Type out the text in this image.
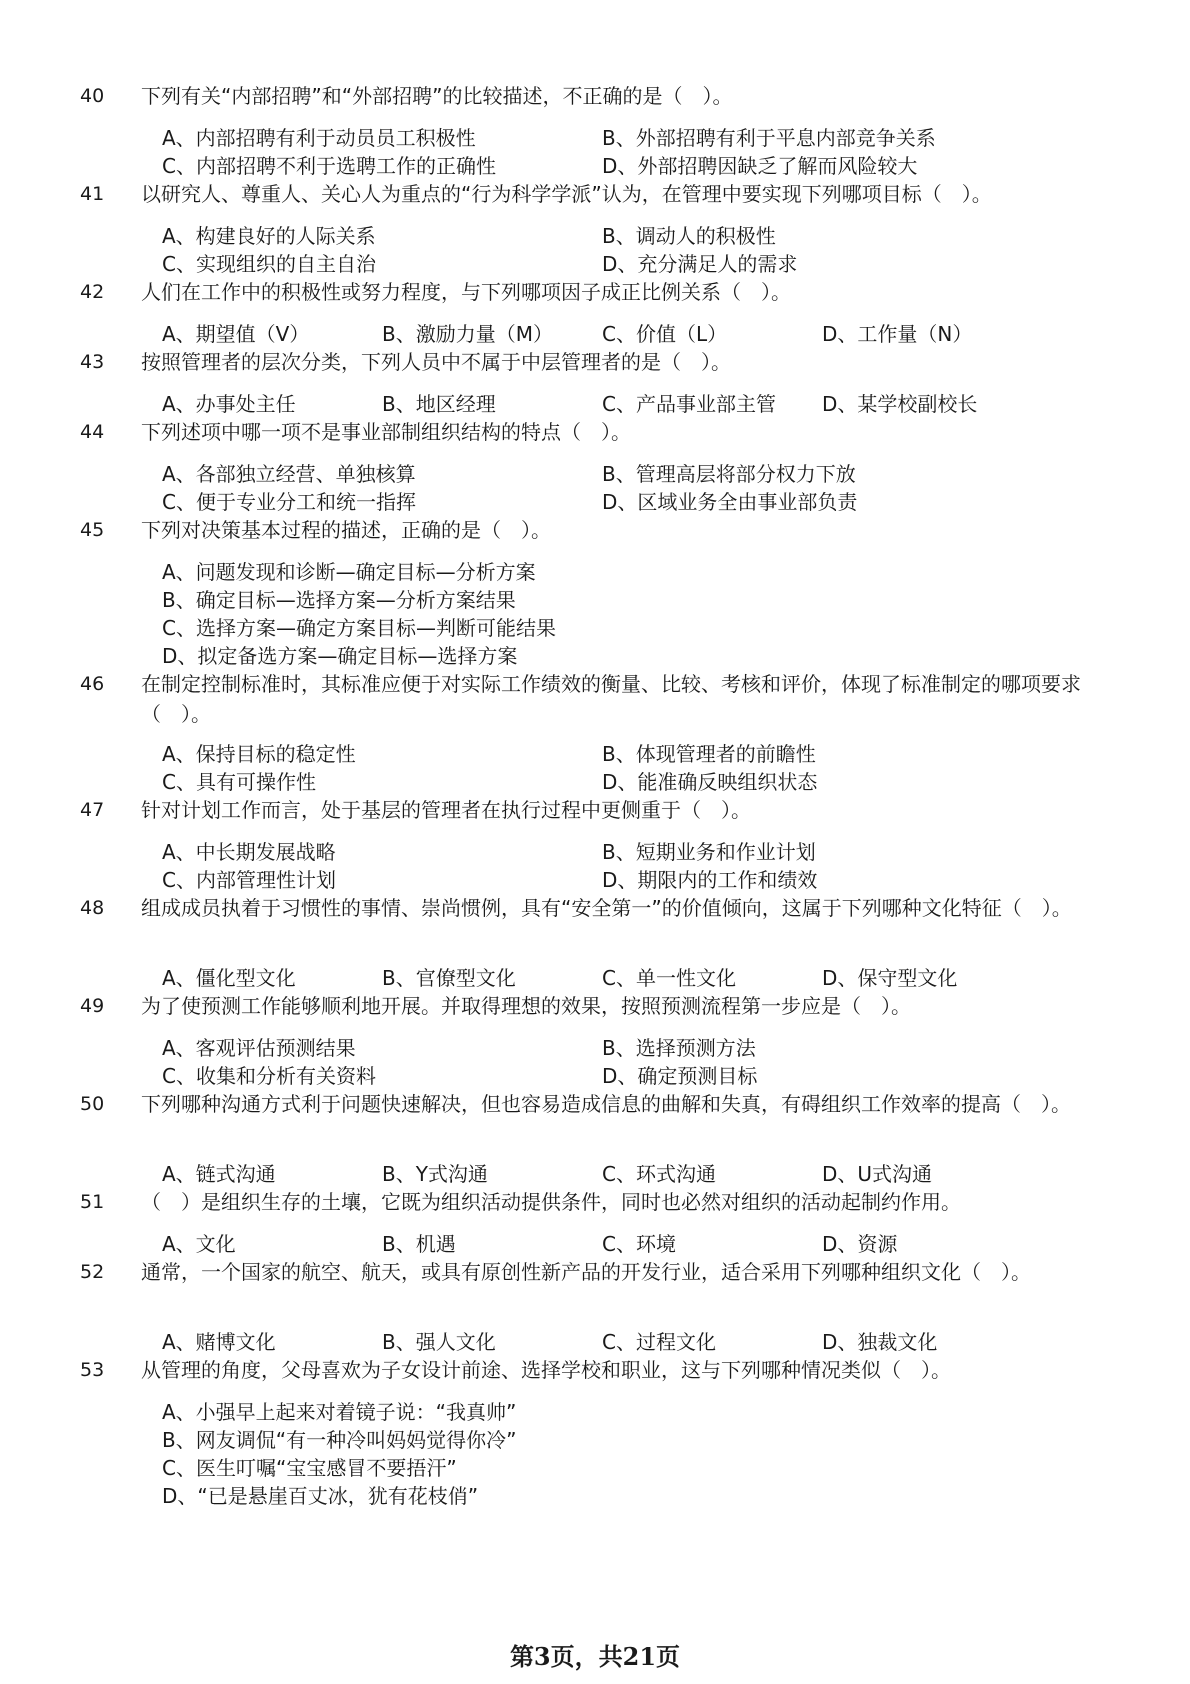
40 下列有关“内部招聘”和“外部招聘”的比较描述，不正确的是（　）。
A、内部招聘有利于动员员工积极性	B、外部招聘有利于平息内部竞争关系
C、内部招聘不利于选聘工作的正确性	D、外部招聘因缺乏了解而风险较大
41 以研究人、尊重人、关心人为重点的“行为科学学派”认为，在管理中要实现下列哪项目标（　）。
A、构建良好的人际关系	B、调动人的积极性
C、实现组织的自主自治	D、充分满足人的需求
42 人们在工作中的积极性或努力程度，与下列哪项因子成正比例关系（　）。
A、期望值（V）	B、激励力量（M） C、价值（L）	D、工作量（N）
43 按照管理者的层次分类，下列人员中不属于中层管理者的是（　）。
A、办事处主任	B、地区经理	C、产品事业部主管 D、某学校副校长
44 下列述项中哪一项不是事业部制组织结构的特点（　）。
A、各部独立经营、单独核算	B、管理高层将部分权力下放
C、便于专业分工和统一指挥	D、区域业务全由事业部负责
45 下列对决策基本过程的描述，正确的是（　）。
A、问题发现和诊断—确定目标—分析方案
B、确定目标—选择方案—分析方案结果
C、选择方案—确定方案目标—判断可能结果
D、拟定备选方案—确定目标—选择方案
46 在制定控制标准时，其标准应便于对实际工作绩效的衡量、比较、考核和评价，体现了标准制定的哪项要求（　）。
A、保持目标的稳定性	B、体现管理者的前瞻性
C、具有可操作性	D、能准确反映组织状态
47 针对计划工作而言，处于基层的管理者在执行过程中更侧重于（　）。
A、中长期发展战略	B、短期业务和作业计划
C、内部管理性计划	D、期限内的工作和绩效
48 组成成员执着于习惯性的事情、崇尚惯例，具有“安全第一”的价值倾向，这属于下列哪种文化特征（　）。
A、僵化型文化	B、官僚型文化	C、单一性文化	D、保守型文化
49 为了使预测工作能够顺利地开展。并取得理想的效果，按照预测流程第一步应是（　）。
A、客观评估预测结果	B、选择预测方法
C、收集和分析有关资料	D、确定预测目标
50 下列哪种沟通方式利于问题快速解决，但也容易造成信息的曲解和失真，有碍组织工作效率的提高（　）。
A、链式沟通	B、Y式沟通	C、环式沟通	D、U式沟通
51 （　）是组织生存的土壤，它既为组织活动提供条件，同时也必然对组织的活动起制约作用。
A、文化	B、机遇	C、环境	D、资源
52 通常，一个国家的航空、航天，或具有原创性新产品的开发行业，适合采用下列哪种组织文化（　）。
A、赌博文化	B、强人文化	C、过程文化	D、独裁文化
53 从管理的角度，父母喜欢为子女设计前途、选择学校和职业，这与下列哪种情况类似（　）。
A、小强早上起来对着镜子说：“我真帅”
B、网友调侃“有一种冷叫妈妈觉得你冷”
C、医生叮嘱“宝宝感冒不要捂汗”
D、“已是悬崖百丈冰，犹有花枝俏”
第3页，共21页
